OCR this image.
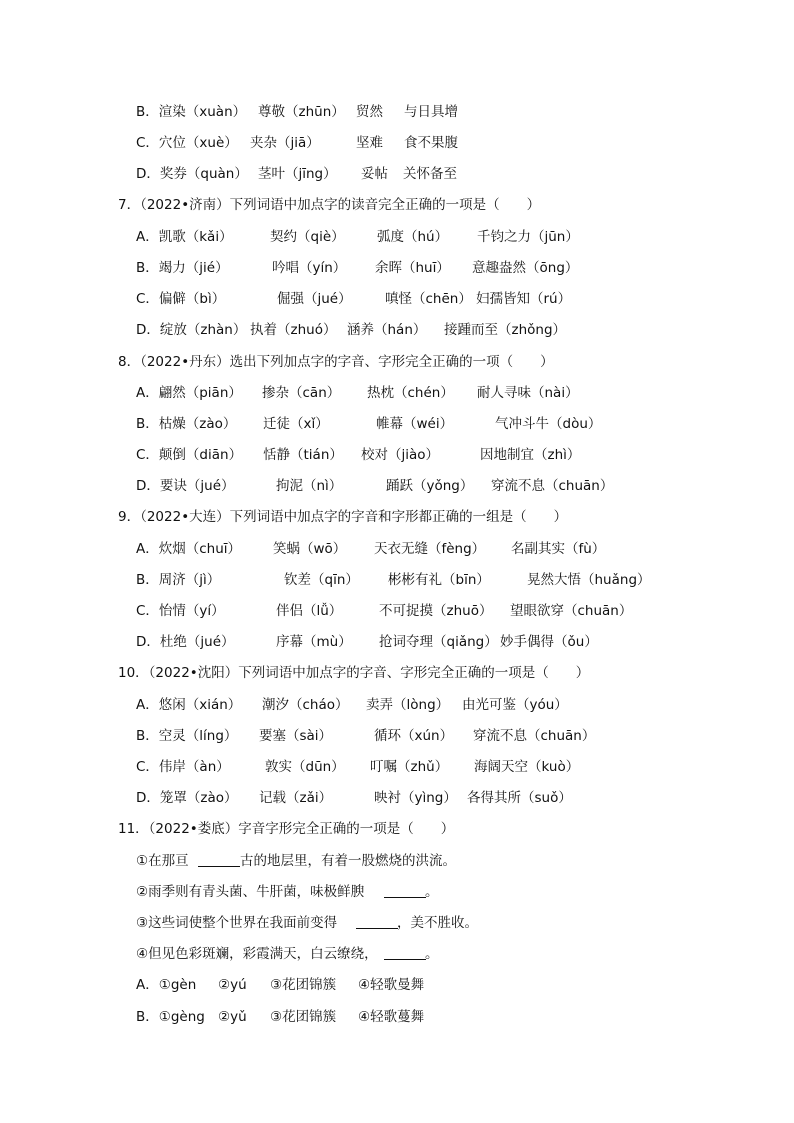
B．渲染（xuàn） 尊敬（zhūn） 贸然 与日具增
C．穴位（xuè） 夹杂（jiā）	坚难 食不果腹
D．奖券（quàn） 茎叶（jīng） 妥帖 关怀备至
7．（2022•济南）下列词语中加点字的读音完全正确的一项是（　　）
A．凯歌（kǎi）	契约（qiè） 弧度（hú） 千钧之力（jūn）
B．竭力（jié）	吟唱（yín） 余晖（huī） 意趣盎然（ōng）
C．偏僻（bì）	倔强（jué） 嗔怪（chēn） 妇孺皆知（rú）
D．绽放（zhàn） 执着（zhuó） 涵养（hán） 接踵而至（zhǒng）
8．（2022•丹东）选出下列加点字的字音、字形完全正确的一项（　　）
A．翩然（piān） 掺杂（cān） 热枕（chén） 耐人寻味（nài）
B．枯燥（zào） 迁徒（xǐ）	帷幕（wéi）	气冲斗牛（dòu）
C．颠倒（diān） 恬静（tián） 校对（jiào）	因地制宜（zhì）
D．要诀（jué）	拘泥（nì）	踊跃（yǒng） 穿流不息（chuān）
9．（2022•大连）下列词语中加点字的字音和字形都正确的一组是（　　）
A．炊烟（chuī） 笑蜗（wō） 天衣无缝（fèng） 名副其实（fù）
B．周济（jì）	钦差（qīn） 彬彬有礼（bīn）	晃然大悟（huǎng）
C．怡情（yí）	伴侣（lǚ）	不可捉摸（zhuō） 望眼欲穿（chuān）
D．杜绝（jué）	序幕（mù） 抢词夺理（qiǎng） 妙手偶得（ǒu）
10．（2022•沈阳）下列词语中加点字的字音、字形完全正确的一项是（　　）
A．悠闲（xián） 潮汐（cháo） 卖弄（lòng） 由光可鉴（yóu）
B．空灵（líng） 要塞（sài）	循环（xún） 穿流不息（chuān）
C．伟岸（àn）	敦实（dūn） 叮嘱（zhǔ） 海阔天空（kuò）
D．笼罩（zào） 记载（zǎi）	映衬（yìng） 各得其所（suǒ）
11．（2022•娄底）字音字形完全正确的一项是（　　）
①在那亘	古的地层里，有着一股燃烧的洪流。
②雨季则有青头菌、牛肝菌，味极鲜腴	。
③这些词使整个世界在我面前变得	，美不胜收。
④但见色彩斑斓，彩霞满天，白云缭绕，	。
A．①gèn ②yú ③花团锦簇 ④轻歌曼舞
B．①gèng ②yǔ ③花团锦簇 ④轻歌蔓舞
